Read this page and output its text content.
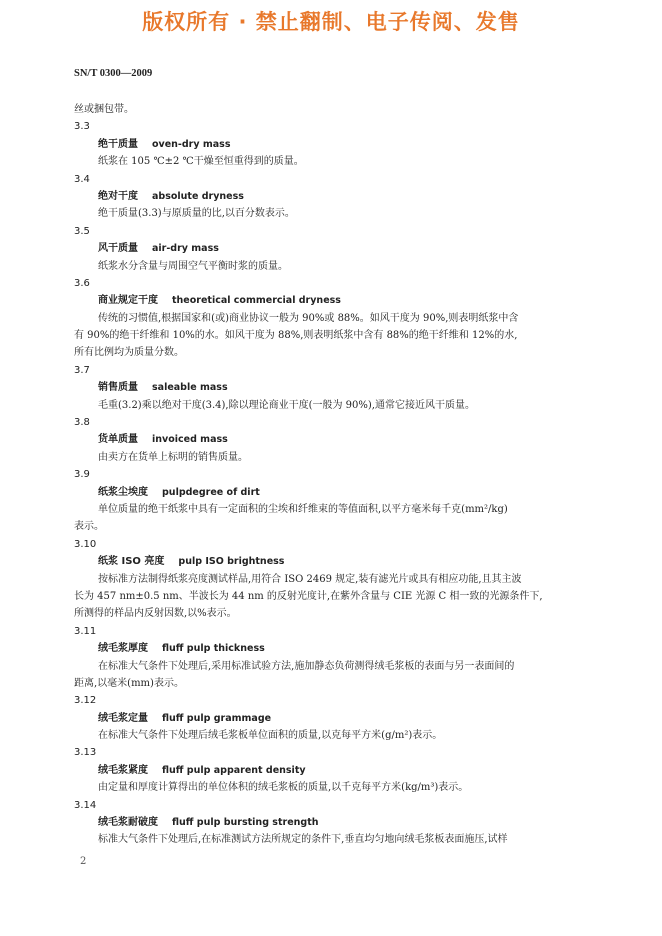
版权所有 · 禁止翻制、电子传阅、发售
SN/T 0300—2009
丝或捆包带。
3.3
绝干质量 oven-dry mass
纸浆在 105 ℃±2 ℃干燥至恒重得到的质量。
3.4
绝对干度 absolute dryness
绝干质量(3.3)与原质量的比,以百分数表示。
3.5
风干质量 air-dry mass
纸浆水分含量与周围空气平衡时浆的质量。
3.6
商业规定干度 theoretical commercial dryness
传统的习惯值,根据国家和(或)商业协议一般为 90%或 88%。如风干度为 90%,则表明纸浆中含
有 90%的绝干纤维和 10%的水。如风干度为 88%,则表明纸浆中含有 88%的绝干纤维和 12%的水,
所有比例均为质量分数。
3.7
销售质量 saleable mass
毛重(3.2)乘以绝对干度(3.4),除以理论商业干度(一般为 90%),通常它接近风干质量。
3.8
货单质量 invoiced mass
由卖方在货单上标明的销售质量。
3.9
纸浆尘埃度 pulpdegree of dirt
单位质量的绝干纸浆中具有一定面积的尘埃和纤维束的等值面积,以平方毫米每千克(mm²/kg)
表示。
3.10
纸浆 ISO 亮度 pulp ISO brightness
按标准方法制得纸浆亮度测试样品,用符合 ISO 2469 规定,装有滤光片或具有相应功能,且其主波
长为 457 nm±0.5 nm、半波长为 44 nm 的反射光度计,在紫外含量与 CIE 光源 C 相一致的光源条件下,
所测得的样品内反射因数,以%表示。
3.11
绒毛浆厚度 fluff pulp thickness
在标准大气条件下处理后,采用标准试验方法,施加静态负荷测得绒毛浆板的表面与另一表面间的
距离,以毫米(mm)表示。
3.12
绒毛浆定量 fluff pulp grammage
在标准大气条件下处理后绒毛浆板单位面积的质量,以克每平方米(g/m²)表示。
3.13
绒毛浆紧度 fluff pulp apparent density
由定量和厚度计算得出的单位体积的绒毛浆板的质量,以千克每平方米(kg/m³)表示。
3.14
绒毛浆耐破度 fluff pulp bursting strength
标准大气条件下处理后,在标准测试方法所规定的条件下,垂直均匀地向绒毛浆板表面施压,试样
2
